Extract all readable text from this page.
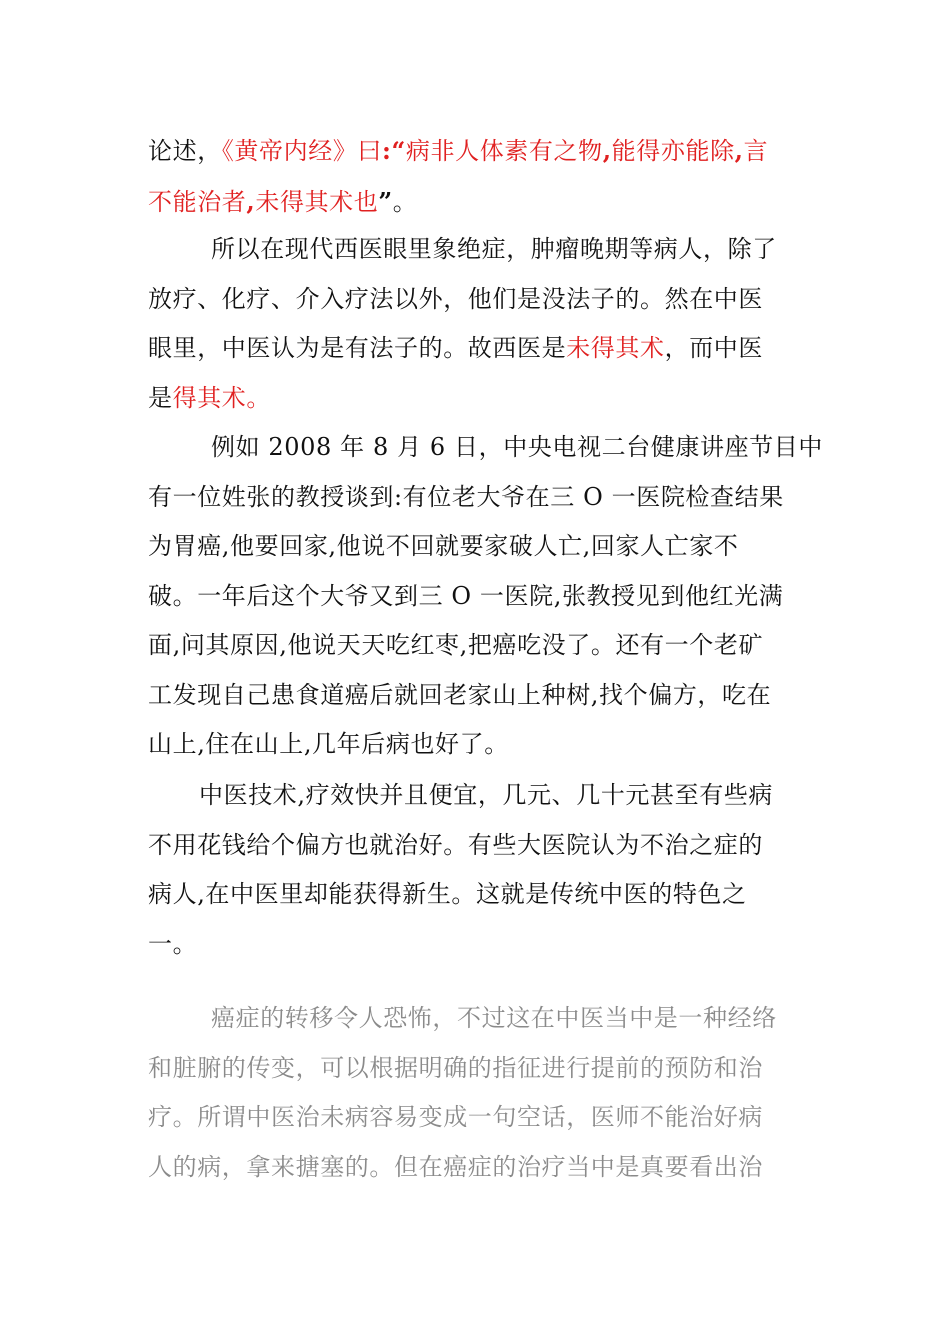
论述，《黄帝内经》曰:“病非人体素有之物,能得亦能除,言
不能治者,未得其术也”。
所以在现代西医眼里象绝症，肿瘤晚期等病人，除了
放疗、化疗、介入疗法以外，他们是没法子的。然在中医
眼里，中医认为是有法子的。故西医是未得其术，而中医
是得其术。
例如 2008 年 8 月 6 日，中央电视二台健康讲座节目中
有一位姓张的教授谈到:有位老大爷在三 O 一医院检查结果
为胃癌,他要回家,他说不回就要家破人亡,回家人亡家不
破。一年后这个大爷又到三 O 一医院,张教授见到他红光满
面,问其原因,他说天天吃红枣,把癌吃没了。还有一个老矿
工发现自己患食道癌后就回老家山上种树,找个偏方，吃在
山上,住在山上,几年后病也好了。
中医技术,疗效快并且便宜，几元、几十元甚至有些病
不用花钱给个偏方也就治好。有些大医院认为不治之症的
病人,在中医里却能获得新生。这就是传统中医的特色之
一。
癌症的转移令人恐怖，不过这在中医当中是一种经络
和脏腑的传变，可以根据明确的指征进行提前的预防和治
疗。所谓中医治未病容易变成一句空话，医师不能治好病
人的病，拿来搪塞的。但在癌症的治疗当中是真要看出治
